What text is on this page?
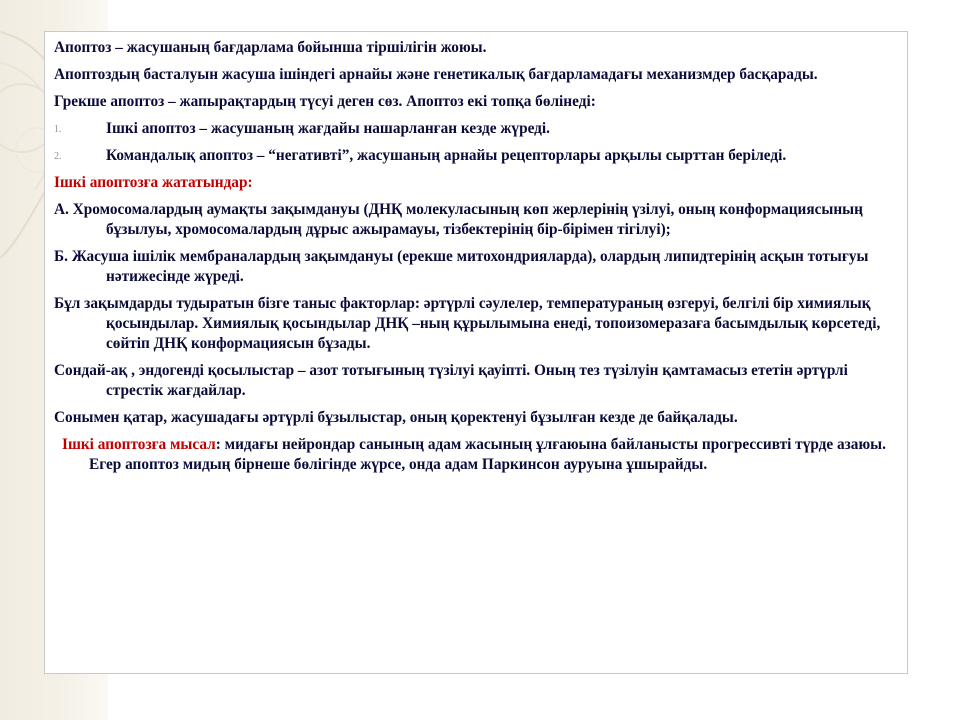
Апоптоз – жасушаның бағдарлама бойынша тіршілігін жоюы.

Апоптоздың басталуын жасуша ішіндегі арнайы және генетикалық бағдарламадағы механизмдер басқарады.

Грекше апоптоз – жапырақтардың түсуі деген сөз. Апоптоз екі топқа бөлінеді:

1.	Ішкі апоптоз – жасушаның жағдайы нашарланған кезде жүреді.
2.	Командалық апоптоз – “негативті”, жасушаның арнайы рецепторлары арқылы сырттан беріледі.

Ішкі апоптозға жататындар:

А. Хромосомалардың аумақты зақымдануы (ДНҚ молекуласының көп жерлерінің үзілуі, оның конформациясының бұзылуы, хромосомалардың дұрыс ажырамауы, тізбектерінің бір-бірімен тігілуі);

Б. Жасуша ішілік мембраналардың зақымдануы (ерекше митохондрияларда), олардың липидтерінің асқын тотығуы нәтижесінде жүреді.

Бұл зақымдарды тудыратын бізге таныс факторлар: әртүрлі сәулелер, температураның өзгеруі, белгілі бір химиялық қосындылар. Химиялық қосындылар ДНҚ –ның құрылымына енеді, топоизомеразаға басымдылық көрсетеді, сөйтіп ДНҚ конформациясын бұзады.

Сондай-ақ , эндогенді қосылыстар – азот тотығының түзілуі қауіпті. Оның тез түзілуін қамтамасыз ететін әртүрлі стрестік жағдайлар.

Сонымен қатар, жасушадағы әртүрлі бұзылыстар, оның қоректенуі бұзылған кезде де байқалады.

Ішкі апоптозға мысал: мидағы нейрондар санының адам жасының ұлғаюына байланысты прогрессивті түрде азаюы. Егер апоптоз мидың бірнеше бөлігінде жүрсе, онда адам Паркинсон ауруына ұшырайды.
